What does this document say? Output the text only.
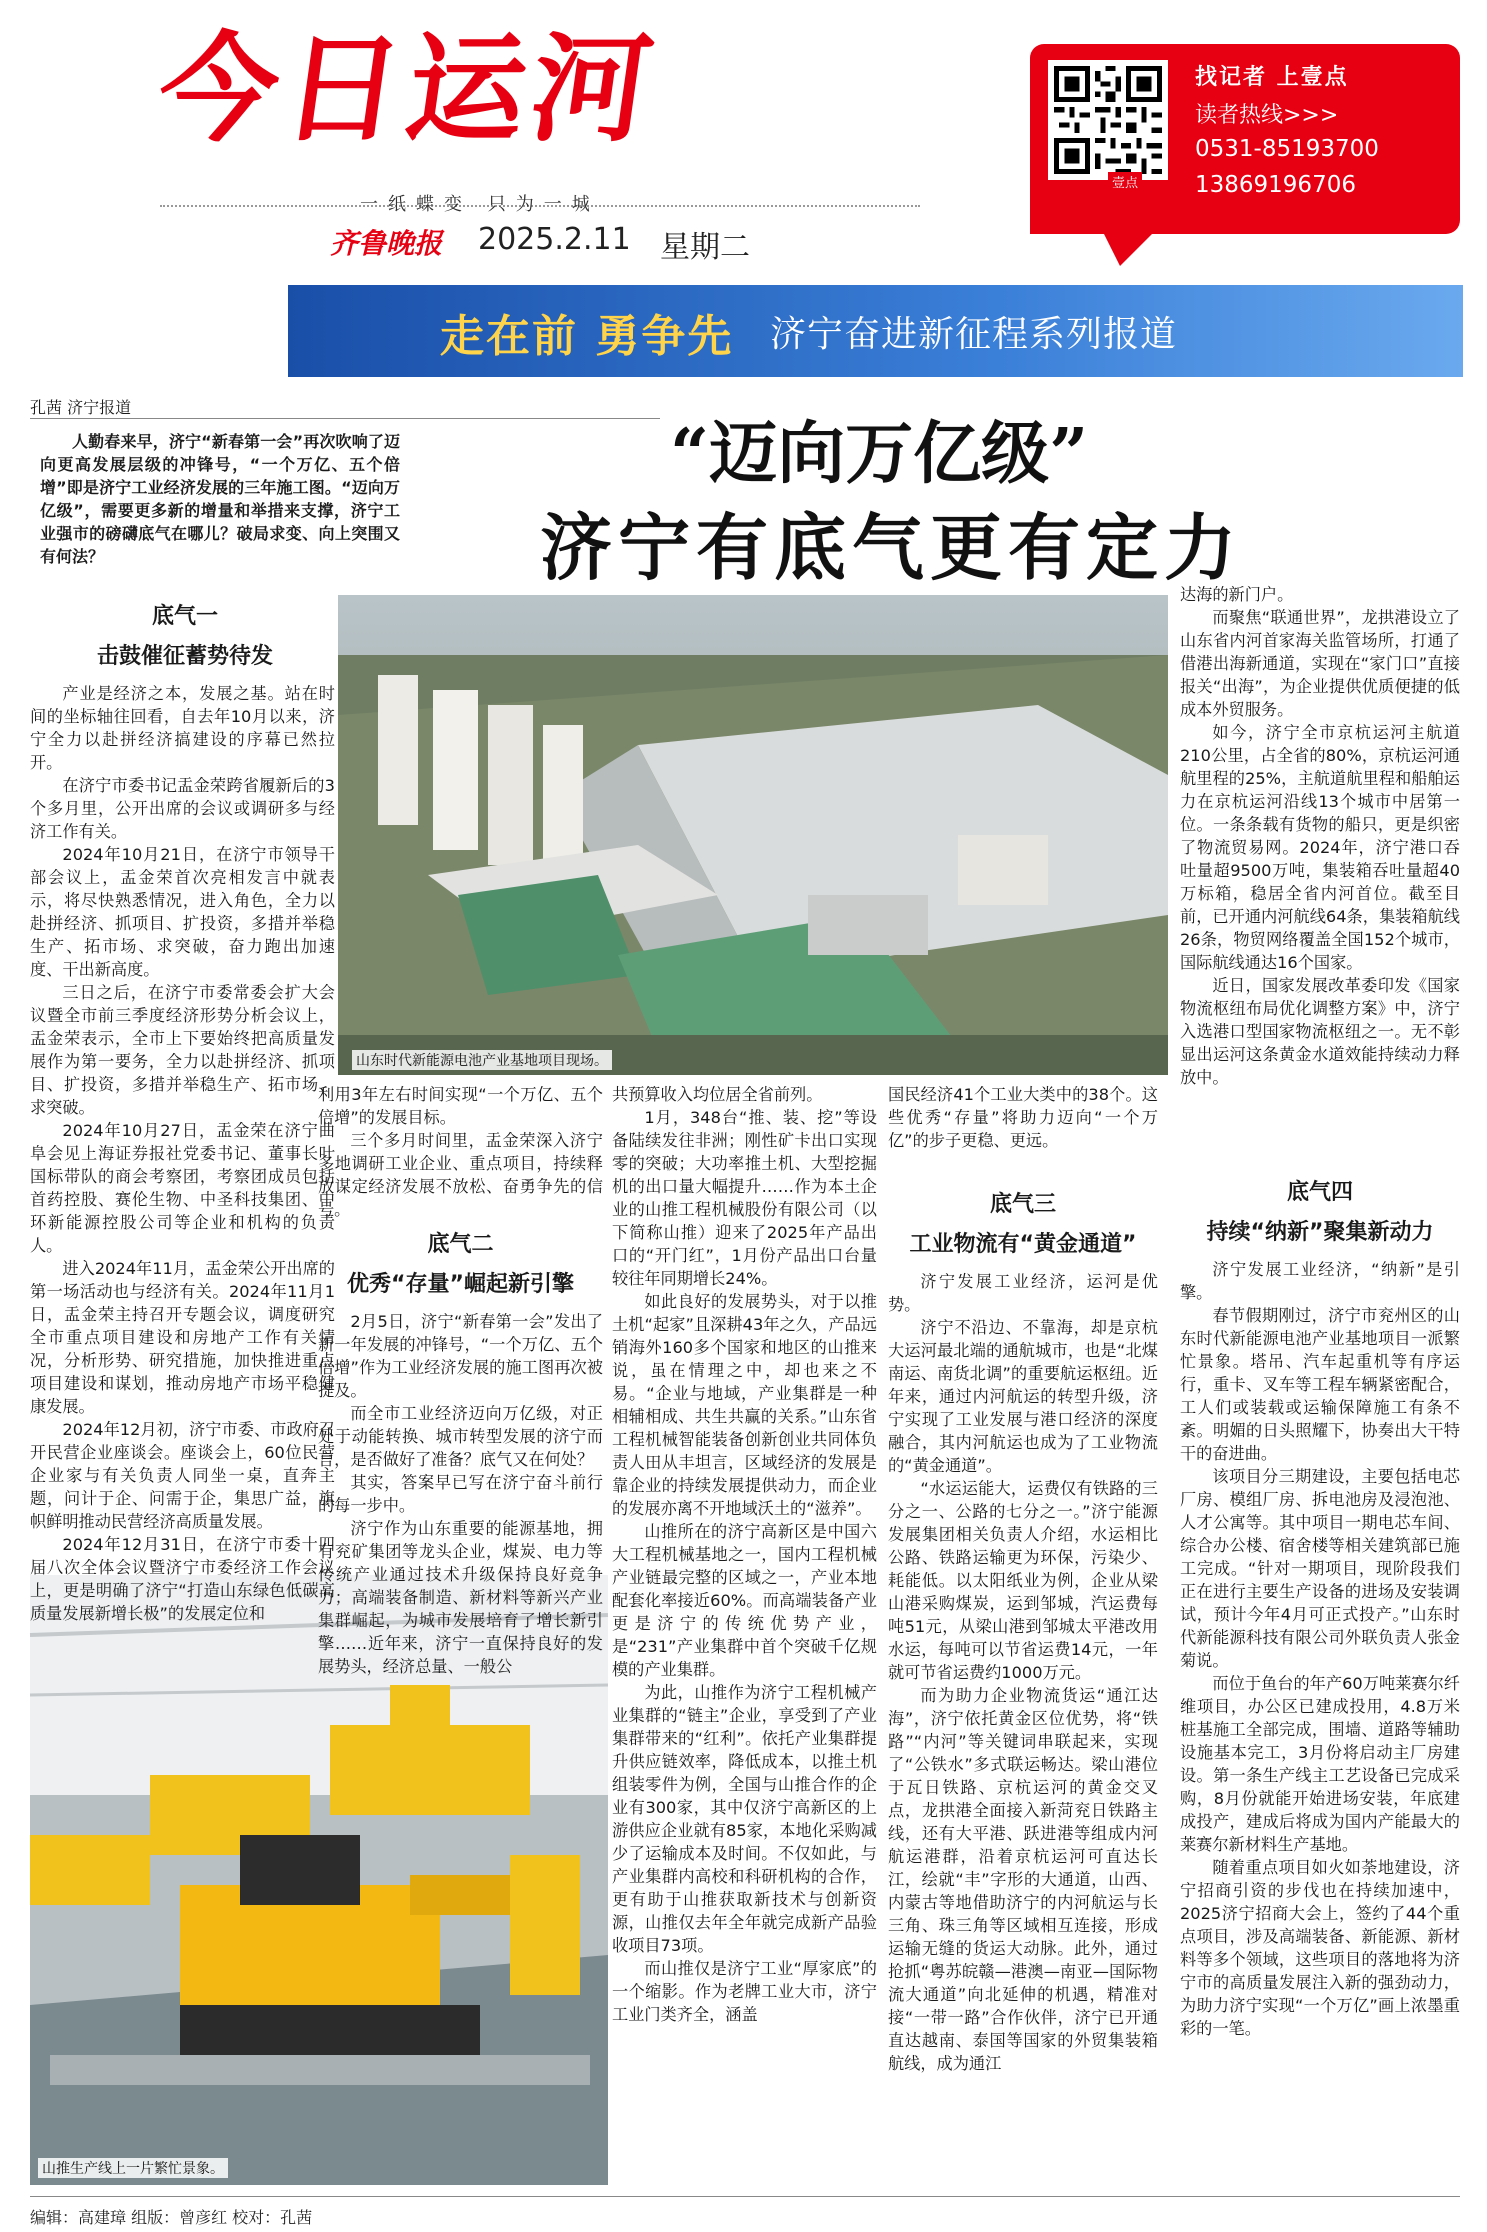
今日运河
一纸蝶变 只为一城
齐鲁晚报 2025.2.11 星期二
壹点
找记者 上壹点
读者热线>>>
0531-85193700
13869196706
走在前 勇争先 济宁奋进新征程系列报道
孔茜 济宁报道
人勤春来早，济宁“新春第一会”再次吹响了迈向更高发展层级的冲锋号，“一个万亿、五个倍增”即是济宁工业经济发展的三年施工图。“迈向万亿级”，需要更多新的增量和举措来支撑，济宁工业强市的磅礴底气在哪儿？破局求变、向上突围又有何法？
“迈向万亿级”
济宁有底气更有定力
山东时代新能源电池产业基地项目现场。
山推生产线上一片繁忙景象。
底气一
击鼓催征蓄势待发

产业是经济之本，发展之基。站在时间的坐标轴往回看，自去年10月以来，济宁全力以赴拼经济搞建设的序幕已然拉开。

在济宁市委书记盂金荣跨省履新后的3个多月里，公开出席的会议或调研多与经济工作有关。

2024年10月21日，在济宁市领导干部会议上，盂金荣首次亮相发言中就表示，将尽快熟悉情况，进入角色，全力以赴拼经济、抓项目、扩投资，多措并举稳生产、拓市场、求突破，奋力跑出加速度、干出新高度。

三日之后，在济宁市委常委会扩大会议暨全市前三季度经济形势分析会议上，盂金荣表示，全市上下要始终把高质量发展作为第一要务，全力以赴拼经济、抓项目、扩投资，多措并举稳生产、拓市场、求突破。

2024年10月27日，盂金荣在济宁曲阜会见上海证券报社党委书记、董事长叶国标带队的商会考察团，考察团成员包括首药控股、赛伦生物、中圣科技集团、中环新能源控股公司等企业和机构的负责人。

进入2024年11月，盂金荣公开出席的第一场活动也与经济有关。2024年11月1日，盂金荣主持召开专题会议，调度研究全市重点项目建设和房地产工作有关情况，分析形势、研究措施，加快推进重点项目建设和谋划，推动房地产市场平稳健康发展。

2024年12月初，济宁市委、市政府召开民营企业座谈会。座谈会上，60位民营企业家与有关负责人同坐一桌，直奔主题，问计于企、问需于企，集思广益，旗帜鲜明推动民营经济高质量发展。

2024年12月31日，在济宁市委十四届八次全体会议暨济宁市委经济工作会议上，更是明确了济宁“打造山东绿色低碳高质量发展新增长极”的发展定位和

利用3年左右时间实现“一个万亿、五个倍增”的发展目标。

三个多月时间里，盂金荣深入济宁多地调研工业企业、重点项目，持续释放谋定经济发展不放松、奋勇争先的信号。

底气二
优秀“存量”崛起新引擎

2月5日，济宁“新春第一会”发出了新一年发展的冲锋号，“一个万亿、五个倍增”作为工业经济发展的施工图再次被提及。

而全市工业经济迈向万亿级，对正处于动能转换、城市转型发展的济宁而言，是否做好了准备？底气又在何处？

其实，答案早已写在济宁奋斗前行的每一步中。

济宁作为山东重要的能源基地，拥有兖矿集团等龙头企业，煤炭、电力等传统产业通过技术升级保持良好竞争力；高端装备制造、新材料等新兴产业集群崛起，为城市发展培育了增长新引擎……近年来，济宁一直保持良好的发展势头，经济总量、一般公

共预算收入均位居全省前列。

1月，348台“推、装、挖”等设备陆续发往非洲；刚性矿卡出口实现零的突破；大功率推土机、大型挖掘机的出口量大幅提升……作为本土企业的山推工程机械股份有限公司（以下简称山推）迎来了2025年产品出口的“开门红”，1月份产品出口台量较往年同期增长24%。

如此良好的发展势头，对于以推土机“起家”且深耕43年之久，产品远销海外160多个国家和地区的山推来说，虽在情理之中，却也来之不易。“企业与地域，产业集群是一种相辅相成、共生共赢的关系。”山东省工程机械智能装备创新创业共同体负责人田从丰坦言，区域经济的发展是靠企业的持续发展提供动力，而企业的发展亦离不开地域沃土的“滋养”。

山推所在的济宁高新区是中国六大工程机械基地之一，国内工程机械产业链最完整的区域之一，产业本地配套化率接近60%。而高端装备产业更是济宁的传统优势产业，是“231”产业集群中首个突破千亿规模的产业集群。

为此，山推作为济宁工程机械产业集群的“链主”企业，享受到了产业集群带来的“红利”。依托产业集群提升供应链效率，降低成本，以推土机组装零件为例，全国与山推合作的企业有300家，其中仅济宁高新区的上游供应企业就有85家，本地化采购减少了运输成本及时间。不仅如此，与产业集群内高校和科研机构的合作，更有助于山推获取新技术与创新资源，山推仅去年全年就完成新产品验收项目73项。

而山推仅是济宁工业“厚家底”的一个缩影。作为老牌工业大市，济宁工业门类齐全，涵盖

国民经济41个工业大类中的38个。这些优秀“存量”将助力迈向“一个万亿”的步子更稳、更远。

底气三
工业物流有“黄金通道”

济宁发展工业经济，运河是优势。

济宁不沿边、不靠海，却是京杭大运河最北端的通航城市，也是“北煤南运、南货北调”的重要航运枢纽。近年来，通过内河航运的转型升级，济宁实现了工业发展与港口经济的深度融合，其内河航运也成为了工业物流的“黄金通道”。

“水运运能大，运费仅有铁路的三分之一、公路的七分之一。”济宁能源发展集团相关负责人介绍，水运相比公路、铁路运输更为环保，污染少、耗能低。以太阳纸业为例，企业从梁山港采购煤炭，运到邹城，汽运费每吨51元，从梁山港到邹城太平港改用水运，每吨可以节省运费14元，一年就可节省运费约1000万元。

而为助力企业物流货运“通江达海”，济宁依托黄金区位优势，将“铁路”“内河”等关键词串联起来，实现了“公铁水”多式联运畅达。梁山港位于瓦日铁路、京杭运河的黄金交叉点，龙拱港全面接入新菏兖日铁路主线，还有大平港、跃进港等组成内河航运港群，沿着京杭运河可直达长江，绘就“丰”字形的大通道，山西、内蒙古等地借助济宁的内河航运与长三角、珠三角等区域相互连接，形成运输无缝的货运大动脉。此外，通过抢抓“粤苏皖赣—港澳—南亚—国际物流大通道”向北延伸的机遇，精准对接“一带一路”合作伙伴，济宁已开通直达越南、泰国等国家的外贸集装箱航线，成为通江

达海的新门户。

而聚焦“联通世界”，龙拱港设立了山东省内河首家海关监管场所，打通了借港出海新通道，实现在“家门口”直接报关“出海”，为企业提供优质便捷的低成本外贸服务。

如今，济宁全市京杭运河主航道210公里，占全省的80%，京杭运河通航里程的25%，主航道航里程和船舶运力在京杭运河沿线13个城市中居第一位。一条条载有货物的船只，更是织密了物流贸易网。2024年，济宁港口吞吐量超9500万吨，集装箱吞吐量超40万标箱，稳居全省内河首位。截至目前，已开通内河航线64条，集装箱航线26条，物贸网络覆盖全国152个城市，国际航线通达16个国家。

近日，国家发展改革委印发《国家物流枢纽布局优化调整方案》中，济宁入选港口型国家物流枢纽之一。无不彰显出运河这条黄金水道效能持续动力释放中。

底气四
持续“纳新”聚集新动力

济宁发展工业经济，“纳新”是引擎。

春节假期刚过，济宁市兖州区的山东时代新能源电池产业基地项目一派繁忙景象。塔吊、汽车起重机等有序运行，重卡、叉车等工程车辆紧密配合，工人们或装载或运输保障施工有条不紊。明媚的日头照耀下，协奏出大干特干的奋进曲。

该项目分三期建设，主要包括电芯厂房、模组厂房、拆电池房及浸泡池、人才公寓等。其中项目一期电芯车间、综合办公楼、宿舍楼等相关建筑部已施工完成。“针对一期项目，现阶段我们正在进行主要生产设备的进场及安装调试，预计今年4月可正式投产。”山东时代新能源科技有限公司外联负责人张金菊说。

而位于鱼台的年产60万吨莱赛尔纤维项目，办公区已建成投用，4.8万米桩基施工全部完成，围墙、道路等辅助设施基本完工，3月份将启动主厂房建设。第一条生产线主工艺设备已完成采购，8月份就能开始进场安装，年底建成投产，建成后将成为国内产能最大的莱赛尔新材料生产基地。

随着重点项目如火如荼地建设，济宁招商引资的步伐也在持续加速中，2025济宁招商大会上，签约了44个重点项目，涉及高端装备、新能源、新材料等多个领域，这些项目的落地将为济宁市的高质量发展注入新的强劲动力，为助力济宁实现“一个万亿”画上浓墨重彩的一笔。

编辑：高建璋 组版：曾彦红 校对：孔茜
